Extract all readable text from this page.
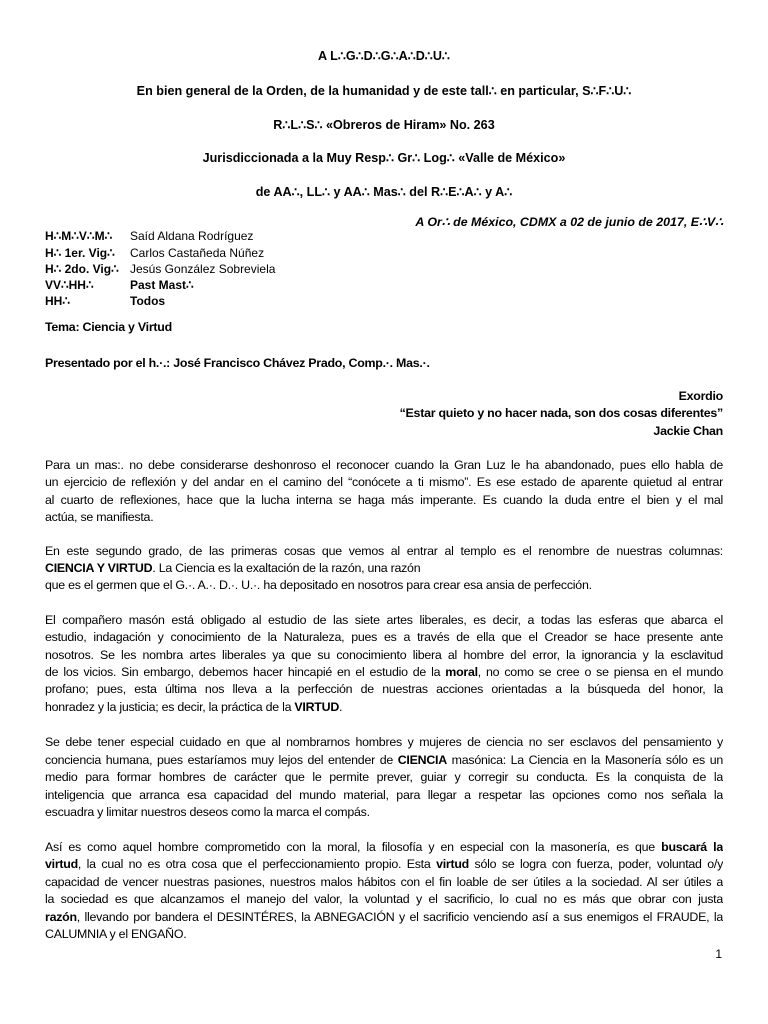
A L∴G∴D∴G∴A∴D∴U∴
En bien general de la Orden, de la humanidad y de este tall∴ en particular, S∴F∴U∴
R∴L∴S∴ «Obreros de Hiram» No. 263
Jurisdiccionada a la Muy Resp∴ Gr∴ Log∴ «Valle de México»
de AA∴, LL∴ y AA∴ Mas∴ del R∴E∴A∴ y A∴
A Or∴ de México, CDMX a 02 de junio de 2017, E∴V∴
H∴M∴V∴M∴ Saíd Aldana Rodríguez
H∴ 1er. Vig∴ Carlos Castañeda Núñez
H∴ 2do. Vig∴ Jesús González Sobreviela
VV∴HH∴	Past Mast∴
HH∴	Todos
Tema: Ciencia y Virtud
Presentado por el h.·.: José Francisco Chávez Prado, Comp.·. Mas.·.
Exordio
“Estar quieto y no hacer nada, son dos cosas diferentes”
Jackie Chan
Para un mas:. no debe considerarse deshonroso el reconocer cuando la Gran Luz le ha abandonado, pues ello habla de
un ejercicio de reflexión y del andar en el camino del “conócete a ti mismo”. Es ese estado de aparente quietud al entrar
al cuarto de reflexiones, hace que la lucha interna se haga más imperante. Es cuando la duda entre el bien y el mal
actúa, se manifiesta.
En este segundo grado, de las primeras cosas que vemos al entrar al templo es el renombre de nuestras columnas:
CIENCIA Y VIRTUD. La Ciencia es la exaltación de la razón, una razón
que es el germen que el G.·. A.·. D.·. U.·. ha depositado en nosotros para crear esa ansia de perfección.
El compañero masón está obligado al estudio de las siete artes liberales, es decir, a todas las esferas que abarca el
estudio, indagación y conocimiento de la Naturaleza, pues es a través de ella que el Creador se hace presente ante
nosotros. Se les nombra artes liberales ya que su conocimiento libera al hombre del error, la ignorancia y la esclavitud
de los vicios. Sin embargo, debemos hacer hincapié en el estudio de la moral, no como se cree o se piensa en el mundo
profano; pues, esta última nos lleva a la perfección de nuestras acciones orientadas a la búsqueda del honor, la
honradez y la justicia; es decir, la práctica de la VIRTUD.
Se debe tener especial cuidado en que al nombrarnos hombres y mujeres de ciencia no ser esclavos del pensamiento y
conciencia humana, pues estaríamos muy lejos del entender de CIENCIA masónica: La Ciencia en la Masonería sólo es un
medio para formar hombres de carácter que le permite prever, guiar y corregir su conducta. Es la conquista de la
inteligencia que arranca esa capacidad del mundo material, para llegar a respetar las opciones como nos señala la
escuadra y limitar nuestros deseos como la marca el compás.
Así es como aquel hombre comprometido con la moral, la filosofía y en especial con la masonería, es que buscará la
virtud, la cual no es otra cosa que el perfeccionamiento propio. Esta virtud sólo se logra con fuerza, poder, voluntad o/y
capacidad de vencer nuestras pasiones, nuestros malos hábitos con el fin loable de ser útiles a la sociedad. Al ser útiles a
la sociedad es que alcanzamos el manejo del valor, la voluntad y el sacrificio, lo cual no es más que obrar con justa
razón, llevando por bandera el DESINTÉRES, la ABNEGACIÓN y el sacrificio venciendo así a sus enemigos el FRAUDE, la
CALUMNIA y el ENGAÑO.
1
